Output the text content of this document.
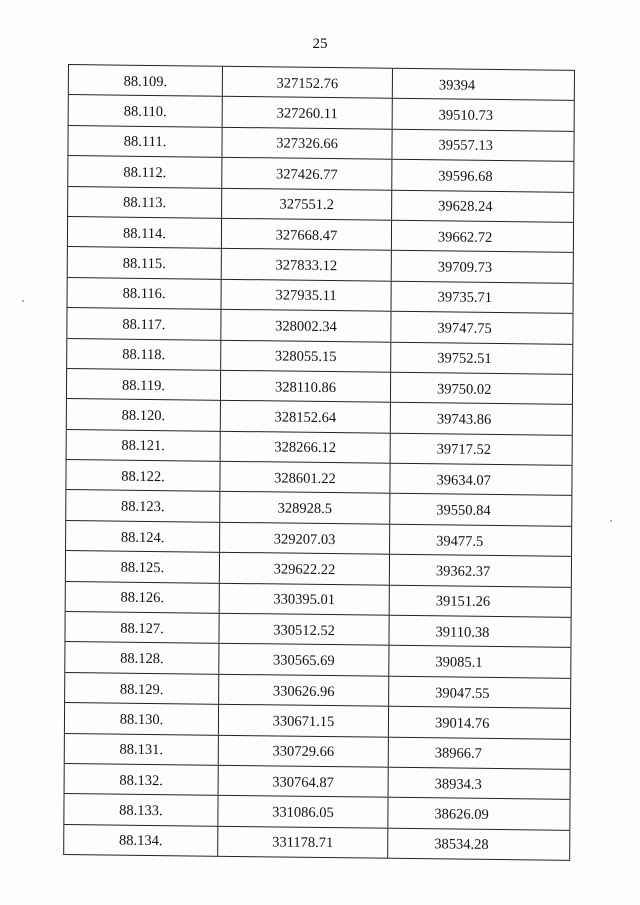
25
88.109.	327152.76	39394
88.110.	327260.11	39510.73
88.111.	327326.66	39557.13
88.112.	327426.77	39596.68
88.113.	327551.2	39628.24
88.114.	327668.47	39662.72
88.115.	327833.12	39709.73
88.116.	327935.11	39735.71
88.117.	328002.34	39747.75
88.118.	328055.15	39752.51
88.119.	328110.86	39750.02
88.120.	328152.64	39743.86
88.121.	328266.12	39717.52
88.122.	328601.22	39634.07
88.123.	328928.5	39550.84
88.124.	329207.03	39477.5
88.125.	329622.22	39362.37
88.126.	330395.01	39151.26
88.127.	330512.52	39110.38
88.128.	330565.69	39085.1
88.129.	330626.96	39047.55
88.130.	330671.15	39014.76
88.131.	330729.66	38966.7
88.132.	330764.87	38934.3
88.133.	331086.05	38626.09
88.134.	331178.71	38534.28
